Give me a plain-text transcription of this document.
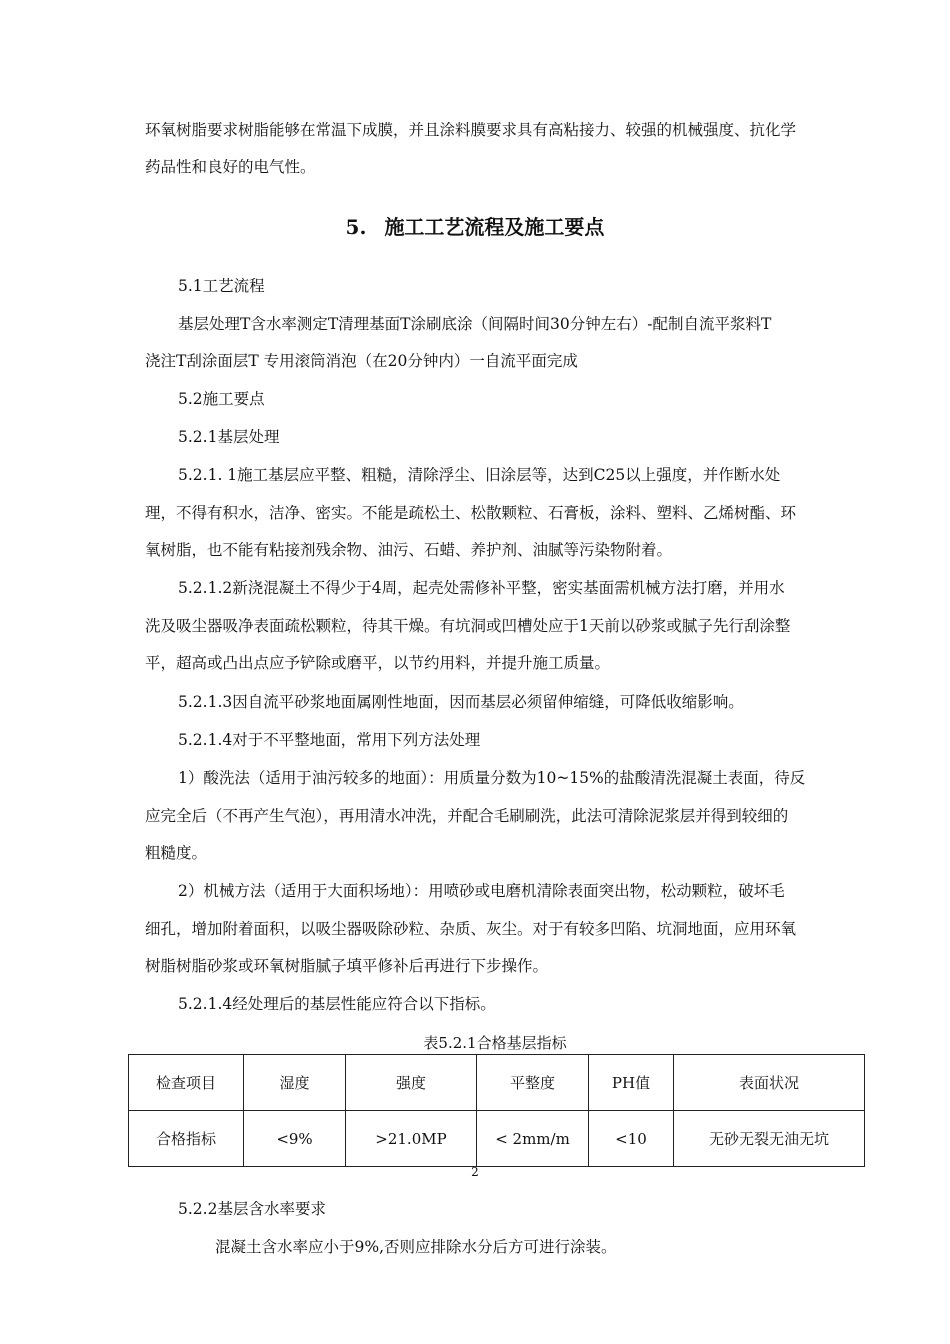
环氧树脂要求树脂能够在常温下成膜，并且涂料膜要求具有高粘接力、较强的机械强度、抗化学

药品性和良好的电气性。

5. 施工工艺流程及施工要点

5.1工艺流程

基层处理T含水率测定T清理基面T涂刷底涂（间隔时间30分钟左右）-配制自流平浆料T

浇注T刮涂面层T 专用滚筒消泡（在20分钟内）一自流平面完成

5.2施工要点

5.2.1基层处理

5.2.1. 1施工基层应平整、粗糙，清除浮尘、旧涂层等，达到C25以上强度，并作断水处

理，不得有积水，洁净、密实。不能是疏松土、松散颗粒、石膏板，涂料、塑料、乙烯树酯、环

氧树脂，也不能有粘接剂残余物、油污、石蜡、养护剂、油腻等污染物附着。

5.2.1.2新浇混凝土不得少于4周，起壳处需修补平整，密实基面需机械方法打磨，并用水

洗及吸尘器吸净表面疏松颗粒，待其干燥。有坑洞或凹槽处应于1天前以砂浆或腻子先行刮涂整

平，超高或凸出点应予铲除或磨平，以节约用料，并提升施工质量。

5.2.1.3因自流平砂浆地面属刚性地面，因而基层必须留伸缩缝，可降低收缩影响。

5.2.1.4对于不平整地面，常用下列方法处理

1）酸洗法（适用于油污较多的地面）：用质量分数为10~15%的盐酸清洗混凝土表面，待反

应完全后（不再产生气泡），再用清水冲洗，并配合毛刷刷洗，此法可清除泥浆层并得到较细的

粗糙度。

2）机械方法（适用于大面积场地）：用喷砂或电磨机清除表面突出物，松动颗粒，破坏毛

细孔，增加附着面积，以吸尘器吸除砂粒、杂质、灰尘。对于有较多凹陷、坑洞地面，应用环氧

树脂树脂砂浆或环氧树脂腻子填平修补后再进行下步操作。

5.2.1.4经处理后的基层性能应符合以下指标。

表5.2.1合格基层指标
检查项目	湿度	强度	平整度	PH值	表面状况
合格指标	<9%	>21.0MP	< 2mm/m	<10	无砂无裂无油无坑
2

5.2.2基层含水率要求

混凝土含水率应小于9%,否则应排除水分后方可进行涂装。
